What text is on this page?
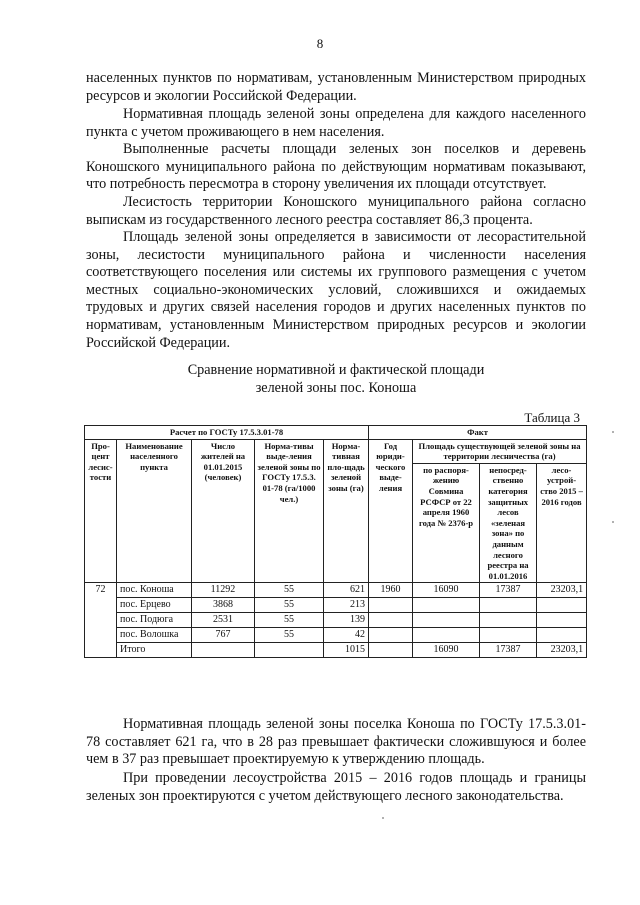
8

населенных пунктов по нормативам, установленным Министерством природных ресурсов и экологии Российской Федерации.

Нормативная площадь зеленой зоны определена для каждого населенного пункта с учетом проживающего в нем населения.

Выполненные расчеты площади зеленых зон поселков и деревень Коношского муниципального района по действующим нормативам показывают, что потребность пересмотра в сторону увеличения их площади отсутствует.

Лесистость территории Коношского муниципального района согласно выпискам из государственного лесного реестра составляет 86,3 процента.

Площадь зеленой зоны определяется в зависимости от лесорастительной зоны, лесистости муниципального района и численности населения соответствующего поселения или системы их группового размещения с учетом местных социально-экономических условий, сложившихся и ожидаемых трудовых и других связей населения городов и других населенных пунктов по нормативам, установленным Министерством природных ресурсов и экологии Российской Федерации.

Сравнение нормативной и фактической площади
зеленой зоны пос. Коноша
Таблица 3
Расчет по ГОСТу 17.5.3.01-78					Факт			
Про-цент лесис-тости	Наименование населенного пункта	Число жителей на 01.01.2015 (человек)	Норма-тивы выде-ления зеленой зоны по ГОСТу 17.5.3. 01-78 (га/1000 чел.)	Норма-тивная пло-щадь зеленой зоны (га)	Год юриди-ческого выде-ления	Площадь существующей зеленой зоны на территории лесничества (га)		
						по распоря-жению Совмина РСФСР от 22 апреля 1960 года № 2376-р	непосред-ственно категория защитных лесов «зеленая зона» по данным лесного реестра на 01.01.2016	лесо-устрой-ство 2015 – 2016 годов
72	пос. Коноша	11292	55	621	1960	16090	17387	23203,1
	пос. Ерцево	3868	55	213				
	пос. Подюга	2531	55	139				
	пос. Волошка	767	55	42				
	Итого			1015		16090	17387	23203,1

Нормативная площадь зеленой зоны поселка Коноша по ГОСТу 17.5.3.01-78 составляет 621 га, что в 28 раз превышает фактически сложившуюся и более чем в 37 раз превышает проектируемую к утверждению площадь.

При проведении лесоустройства 2015 – 2016 годов площадь и границы зеленых зон проектируются с учетом действующего лесного законодательства.
